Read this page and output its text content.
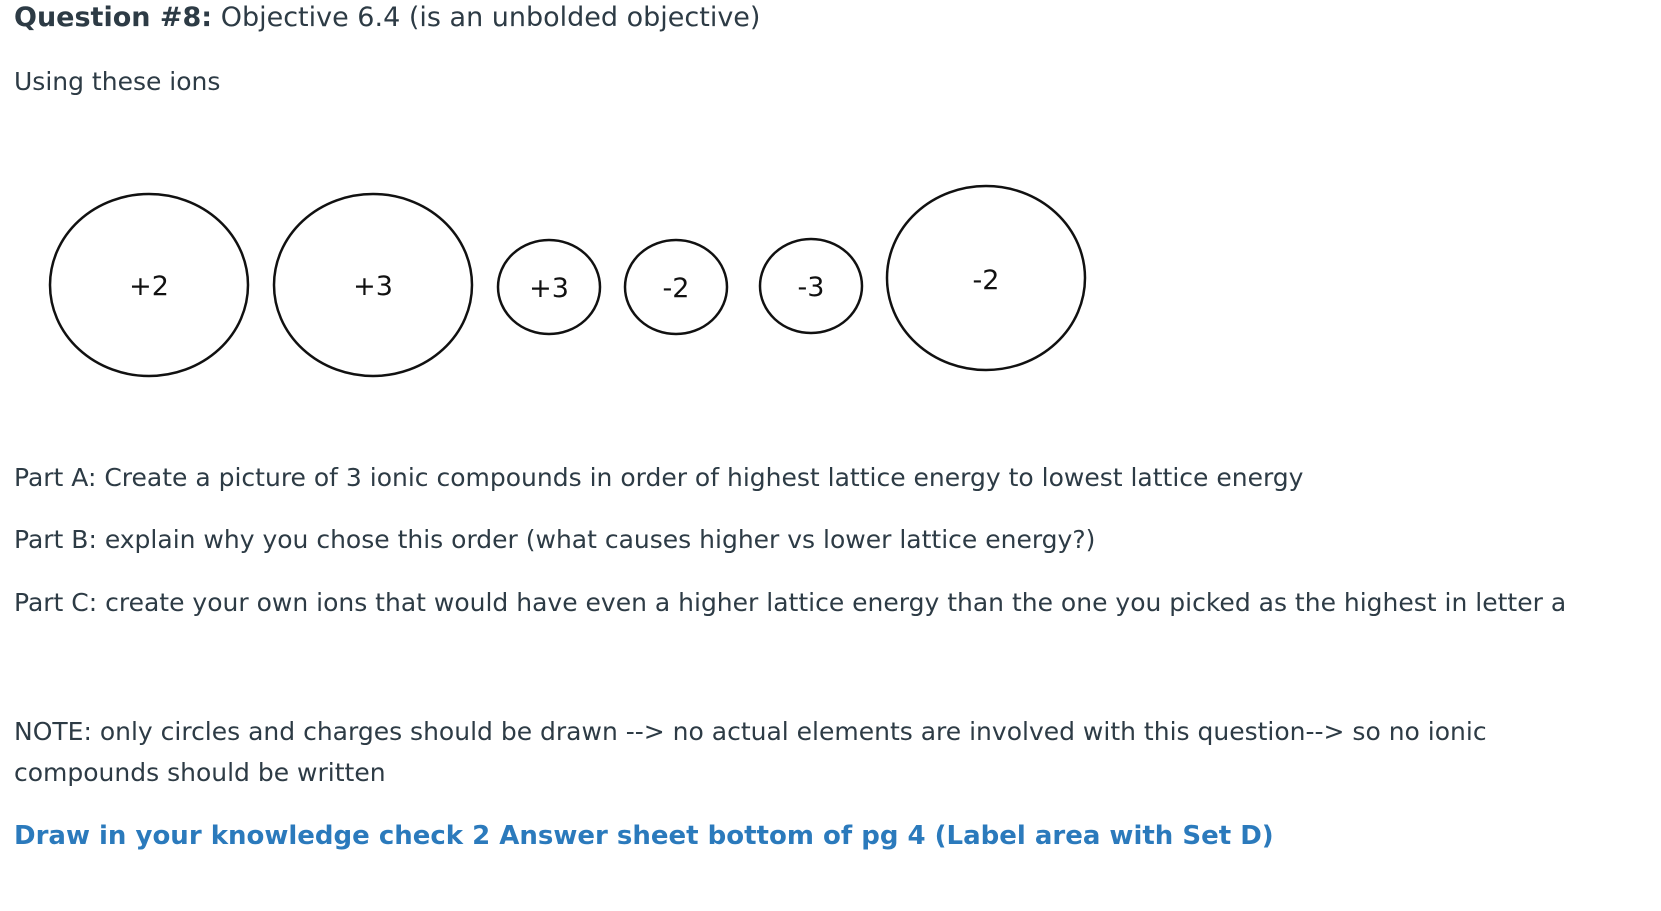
Question #8: Objective 6.4 (is an unbolded objective)
Using these ions
+2	+3	+3	-2	-3	-2
Part A: Create a picture of 3 ionic compounds in order of highest lattice energy to lowest lattice energy
Part B: explain why you chose this order (what causes higher vs lower lattice energy?)
Part C: create your own ions that would have even a higher lattice energy than the one you picked as the highest in letter a
NOTE: only circles and charges should be drawn --> no actual elements are involved with this question--> so no ionic compounds should be written
Draw in your knowledge check 2 Answer sheet bottom of pg 4 (Label area with Set D)
